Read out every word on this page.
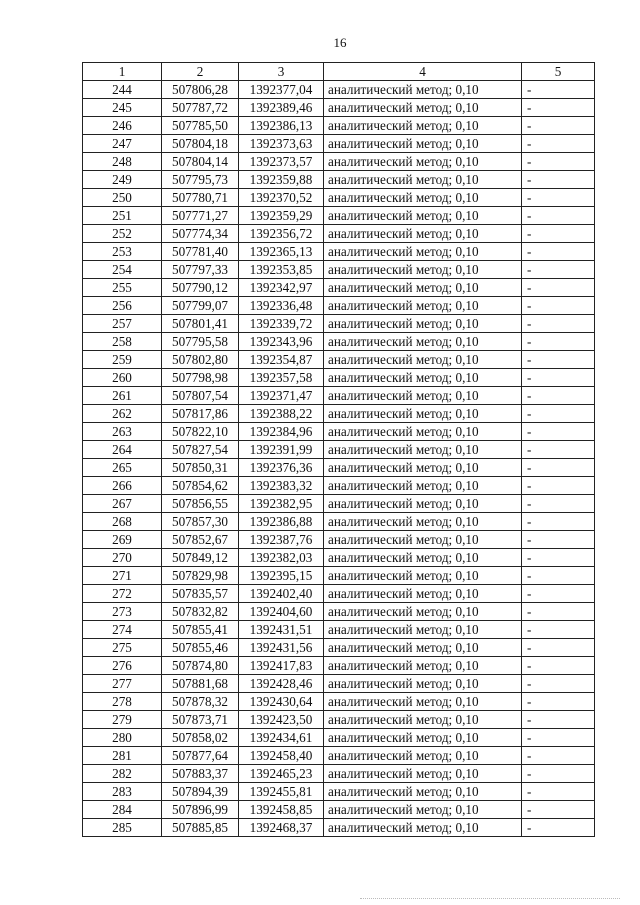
16
1	2	3	4	5
244	507806,28	1392377,04	аналитический метод; 0,10	-
245	507787,72	1392389,46	аналитический метод; 0,10	-
246	507785,50	1392386,13	аналитический метод; 0,10	-
247	507804,18	1392373,63	аналитический метод; 0,10	-
248	507804,14	1392373,57	аналитический метод; 0,10	-
249	507795,73	1392359,88	аналитический метод; 0,10	-
250	507780,71	1392370,52	аналитический метод; 0,10	-
251	507771,27	1392359,29	аналитический метод; 0,10	-
252	507774,34	1392356,72	аналитический метод; 0,10	-
253	507781,40	1392365,13	аналитический метод; 0,10	-
254	507797,33	1392353,85	аналитический метод; 0,10	-
255	507790,12	1392342,97	аналитический метод; 0,10	-
256	507799,07	1392336,48	аналитический метод; 0,10	-
257	507801,41	1392339,72	аналитический метод; 0,10	-
258	507795,58	1392343,96	аналитический метод; 0,10	-
259	507802,80	1392354,87	аналитический метод; 0,10	-
260	507798,98	1392357,58	аналитический метод; 0,10	-
261	507807,54	1392371,47	аналитический метод; 0,10	-
262	507817,86	1392388,22	аналитический метод; 0,10	-
263	507822,10	1392384,96	аналитический метод; 0,10	-
264	507827,54	1392391,99	аналитический метод; 0,10	-
265	507850,31	1392376,36	аналитический метод; 0,10	-
266	507854,62	1392383,32	аналитический метод; 0,10	-
267	507856,55	1392382,95	аналитический метод; 0,10	-
268	507857,30	1392386,88	аналитический метод; 0,10	-
269	507852,67	1392387,76	аналитический метод; 0,10	-
270	507849,12	1392382,03	аналитический метод; 0,10	-
271	507829,98	1392395,15	аналитический метод; 0,10	-
272	507835,57	1392402,40	аналитический метод; 0,10	-
273	507832,82	1392404,60	аналитический метод; 0,10	-
274	507855,41	1392431,51	аналитический метод; 0,10	-
275	507855,46	1392431,56	аналитический метод; 0,10	-
276	507874,80	1392417,83	аналитический метод; 0,10	-
277	507881,68	1392428,46	аналитический метод; 0,10	-
278	507878,32	1392430,64	аналитический метод; 0,10	-
279	507873,71	1392423,50	аналитический метод; 0,10	-
280	507858,02	1392434,61	аналитический метод; 0,10	-
281	507877,64	1392458,40	аналитический метод; 0,10	-
282	507883,37	1392465,23	аналитический метод; 0,10	-
283	507894,39	1392455,81	аналитический метод; 0,10	-
284	507896,99	1392458,85	аналитический метод; 0,10	-
285	507885,85	1392468,37	аналитический метод; 0,10	-
